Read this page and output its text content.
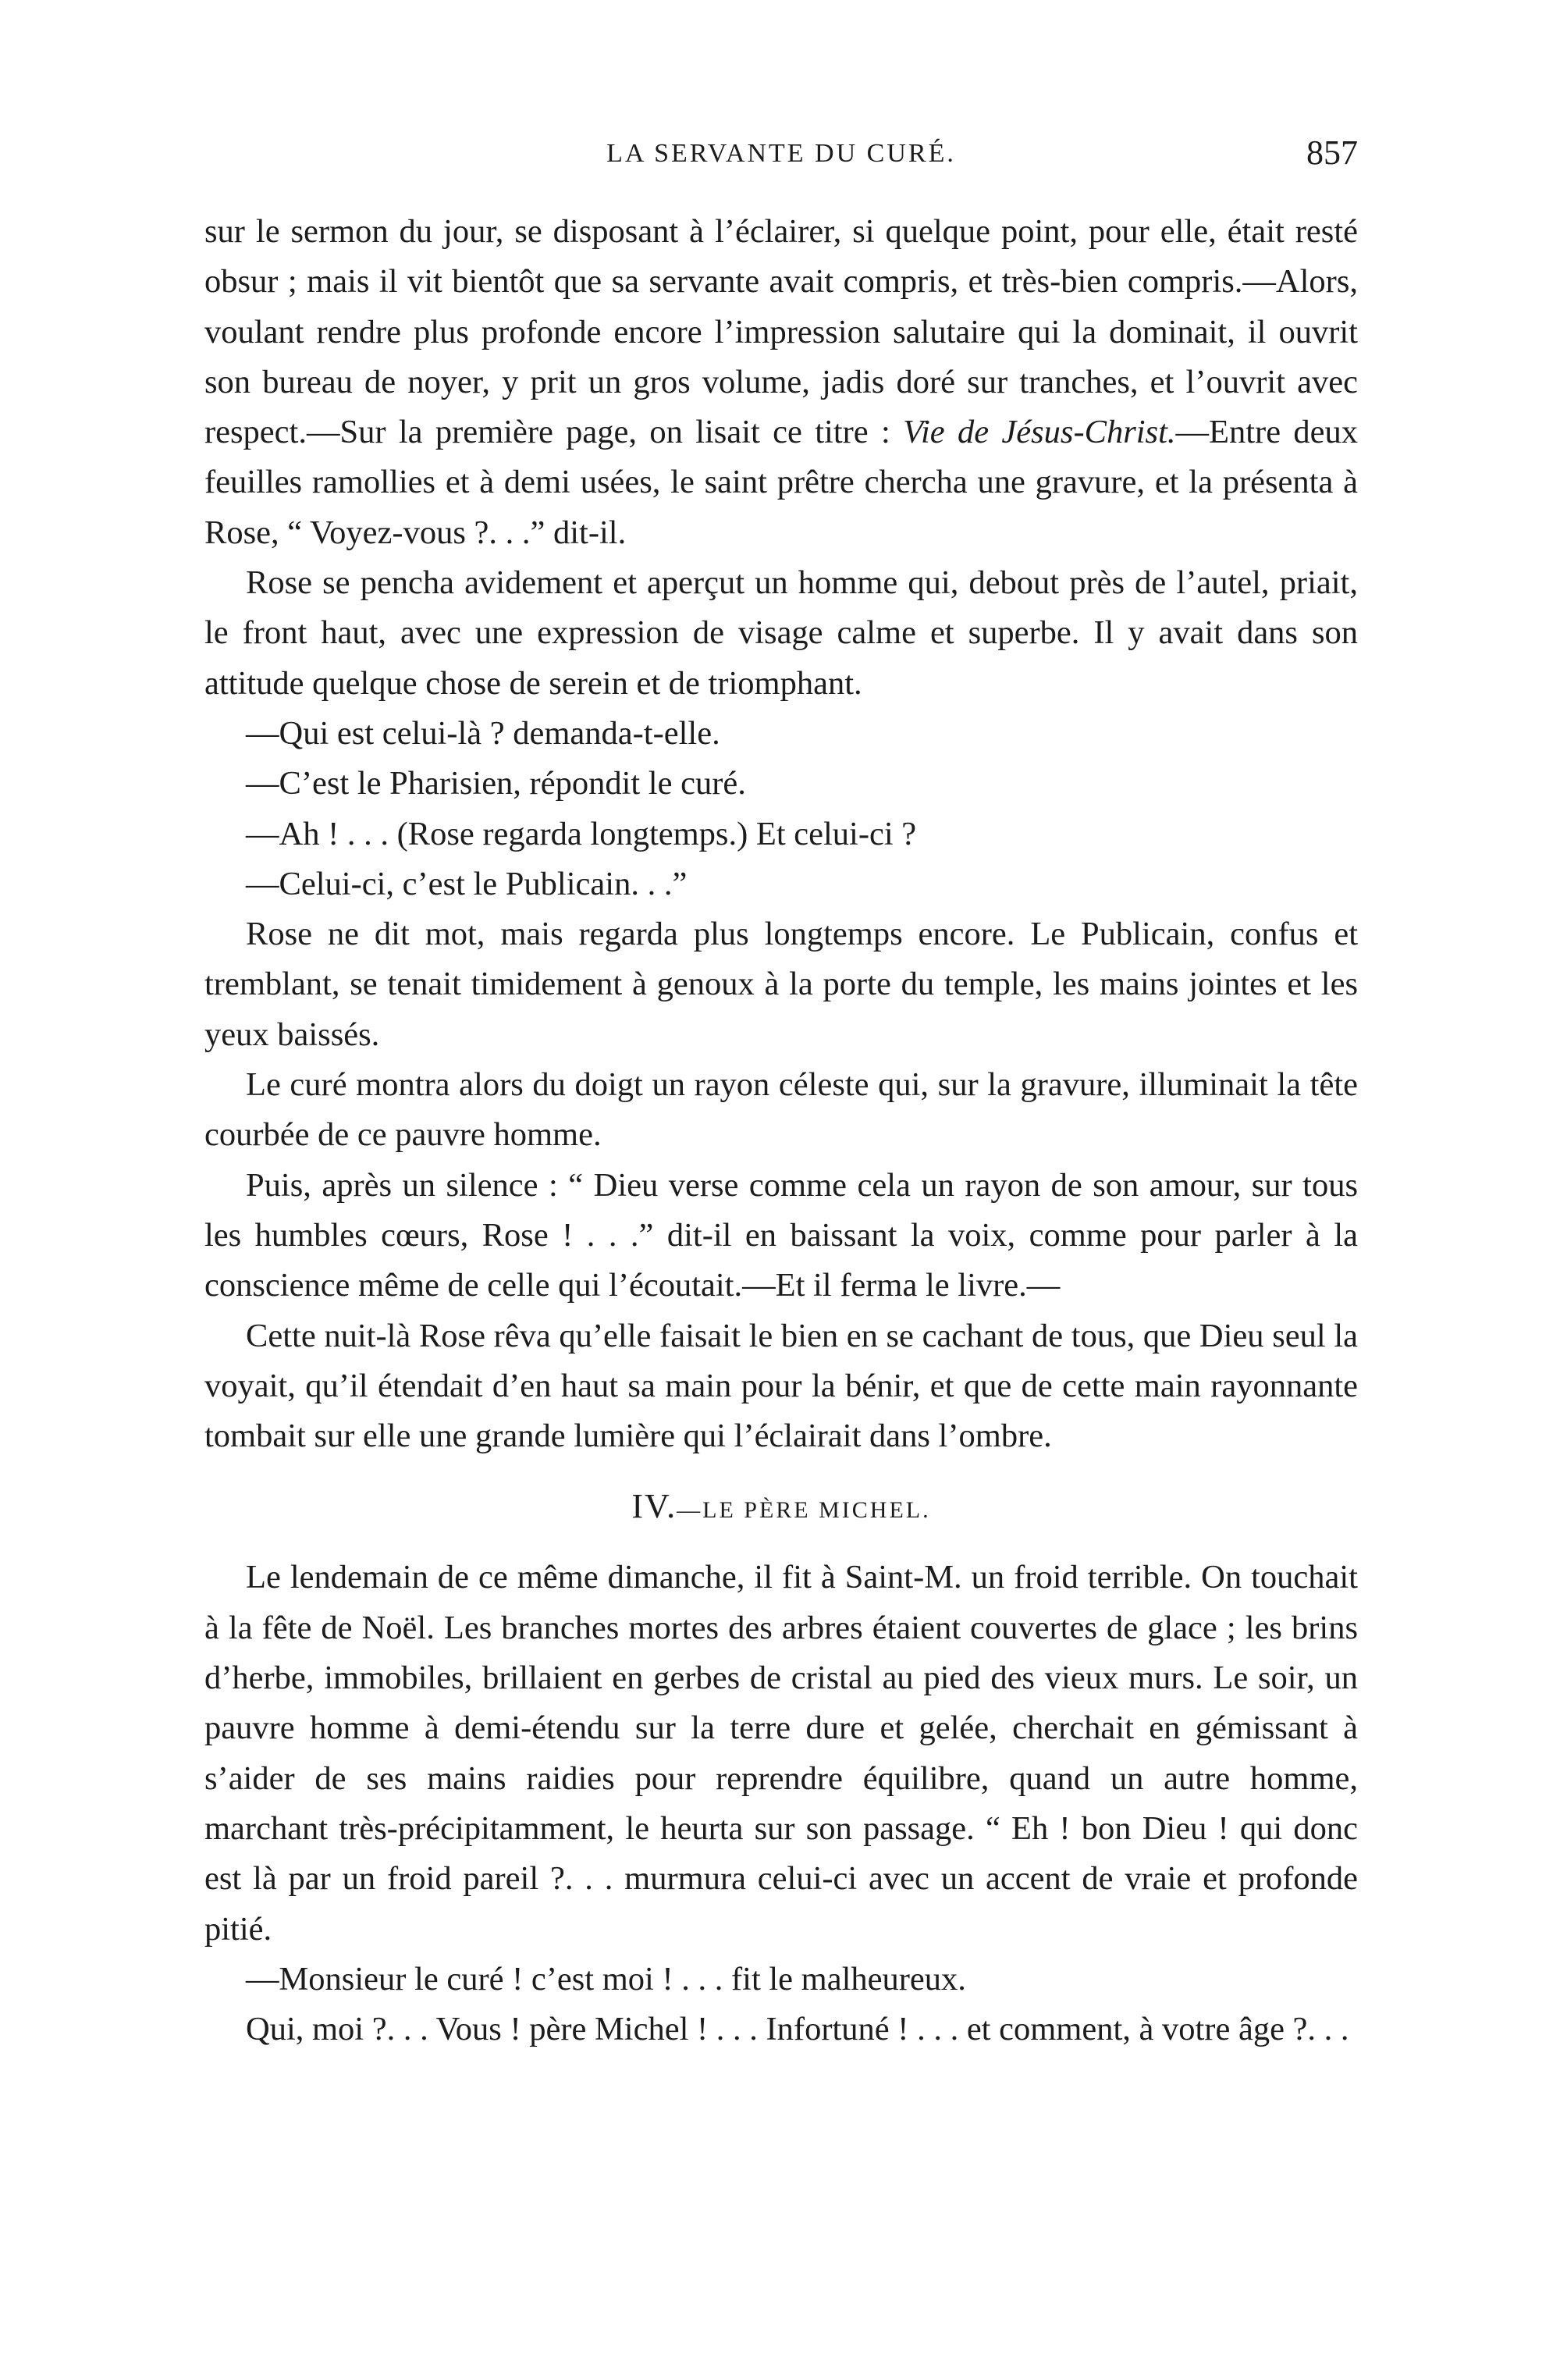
LA SERVANTE DU CURÉ.	857

sur le sermon du jour, se disposant à l’éclairer, si quelque point, pour elle, était resté obsur ; mais il vit bientôt que sa servante avait compris, et très-bien compris.—Alors, voulant rendre plus profonde encore l’impression salutaire qui la dominait, il ouvrit son bureau de noyer, y prit un gros volume, jadis doré sur tranches, et l’ouvrit avec respect.—Sur la première page, on lisait ce titre : Vie de Jésus-Christ.—Entre deux feuilles ramollies et à demi usées, le saint prêtre chercha une gravure, et la présenta à Rose, “ Voyez-vous ?. . .” dit-il.

Rose se pencha avidement et aperçut un homme qui, debout près de l’autel, priait, le front haut, avec une expression de visage calme et superbe. Il y avait dans son attitude quelque chose de serein et de triomphant.

—Qui est celui-là ? demanda-t-elle.

—C’est le Pharisien, répondit le curé.

—Ah ! . . . (Rose regarda longtemps.) Et celui-ci ?

—Celui-ci, c’est le Publicain. . .”

Rose ne dit mot, mais regarda plus longtemps encore. Le Publicain, confus et tremblant, se tenait timidement à genoux à la porte du temple, les mains jointes et les yeux baissés.

Le curé montra alors du doigt un rayon céleste qui, sur la gravure, illuminait la tête courbée de ce pauvre homme.

Puis, après un silence : “ Dieu verse comme cela un rayon de son amour, sur tous les humbles cœurs, Rose ! . . .” dit-il en baissant la voix, comme pour parler à la conscience même de celle qui l’écoutait.—Et il ferma le livre.—

Cette nuit-là Rose rêva qu’elle faisait le bien en se cachant de tous, que Dieu seul la voyait, qu’il étendait d’en haut sa main pour la bénir, et que de cette main rayonnante tombait sur elle une grande lumière qui l’éclairait dans l’ombre.

IV.—LE PÈRE MICHEL.

Le lendemain de ce même dimanche, il fit à Saint-M. un froid terrible. On touchait à la fête de Noël. Les branches mortes des arbres étaient couvertes de glace ; les brins d’herbe, immobiles, brillaient en gerbes de cristal au pied des vieux murs. Le soir, un pauvre homme à demi-étendu sur la terre dure et gelée, cherchait en gémissant à s’aider de ses mains raidies pour reprendre équilibre, quand un autre homme, marchant très-précipitamment, le heurta sur son passage. “ Eh ! bon Dieu ! qui donc est là par un froid pareil ?. . . murmura celui-ci avec un accent de vraie et profonde pitié.

—Monsieur le curé ! c’est moi ! . . . fit le malheureux.

Qui, moi ?. . . Vous ! père Michel ! . . . Infortuné ! . . . et comment, à votre âge ?. . .
